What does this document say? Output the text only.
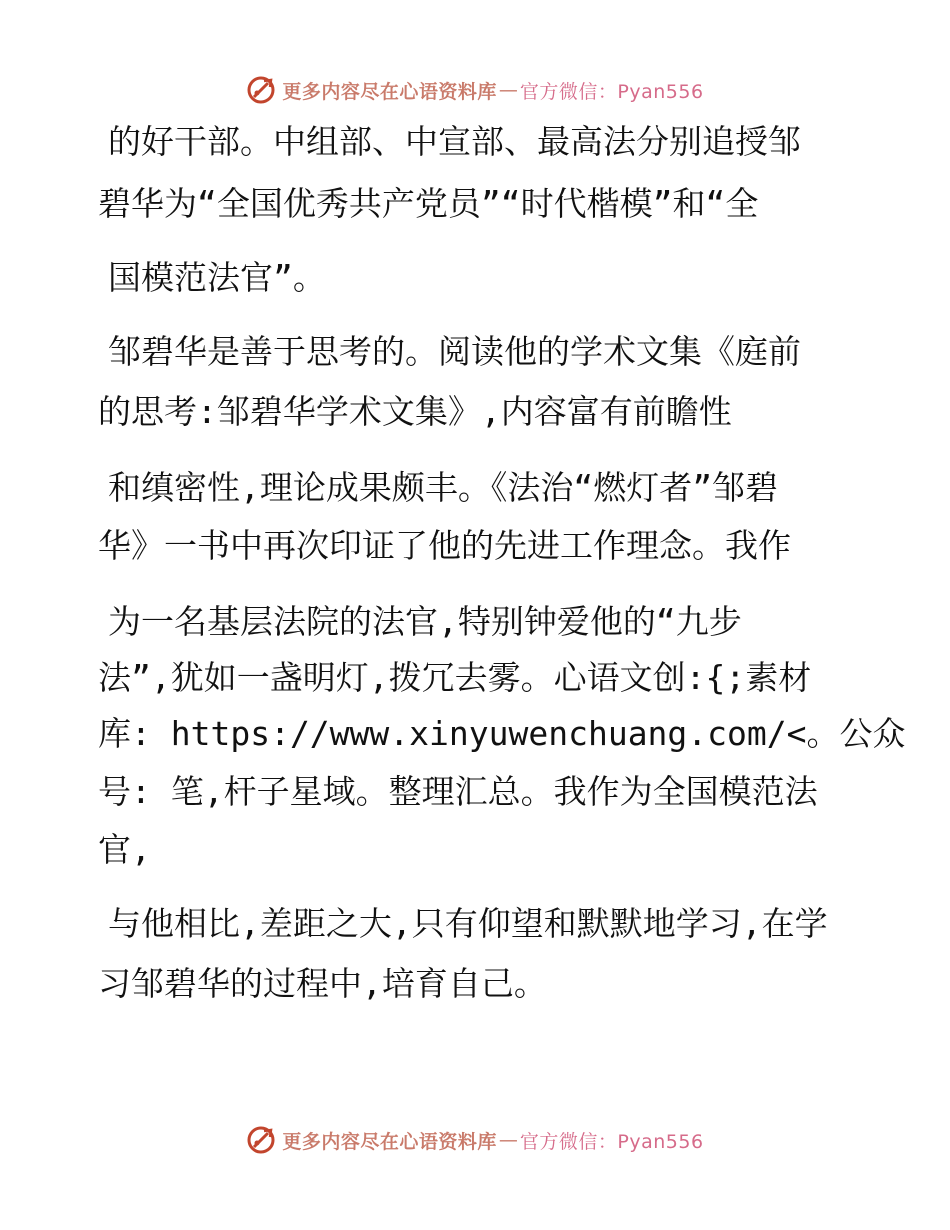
更多内容尽在心语资料库 — 官方微信：Pyan556
的好干部。中组部、中宣部、最高法分别追授邹
碧华为“全国优秀共产党员”“时代楷模”和“全
国模范法官”。
邹碧华是善于思考的。阅读他的学术文集《庭前
的思考:邹碧华学术文集》,内容富有前瞻性
和缜密性,理论成果颇丰。《法治“燃灯者”邹碧
华》一书中再次印证了他的先进工作理念。我作
为一名基层法院的法官,特别钟爱他的“九步
法”,犹如一盏明灯,拨冗去雾。心语文创:{;素材
库: https://www.xinyuwenchuang.com/<。公众
号: 笔,杆子星域。整理汇总。我作为全国模范法
官,
与他相比,差距之大,只有仰望和默默地学习,在学
习邹碧华的过程中,培育自己。
更多内容尽在心语资料库 — 官方微信：Pyan556
